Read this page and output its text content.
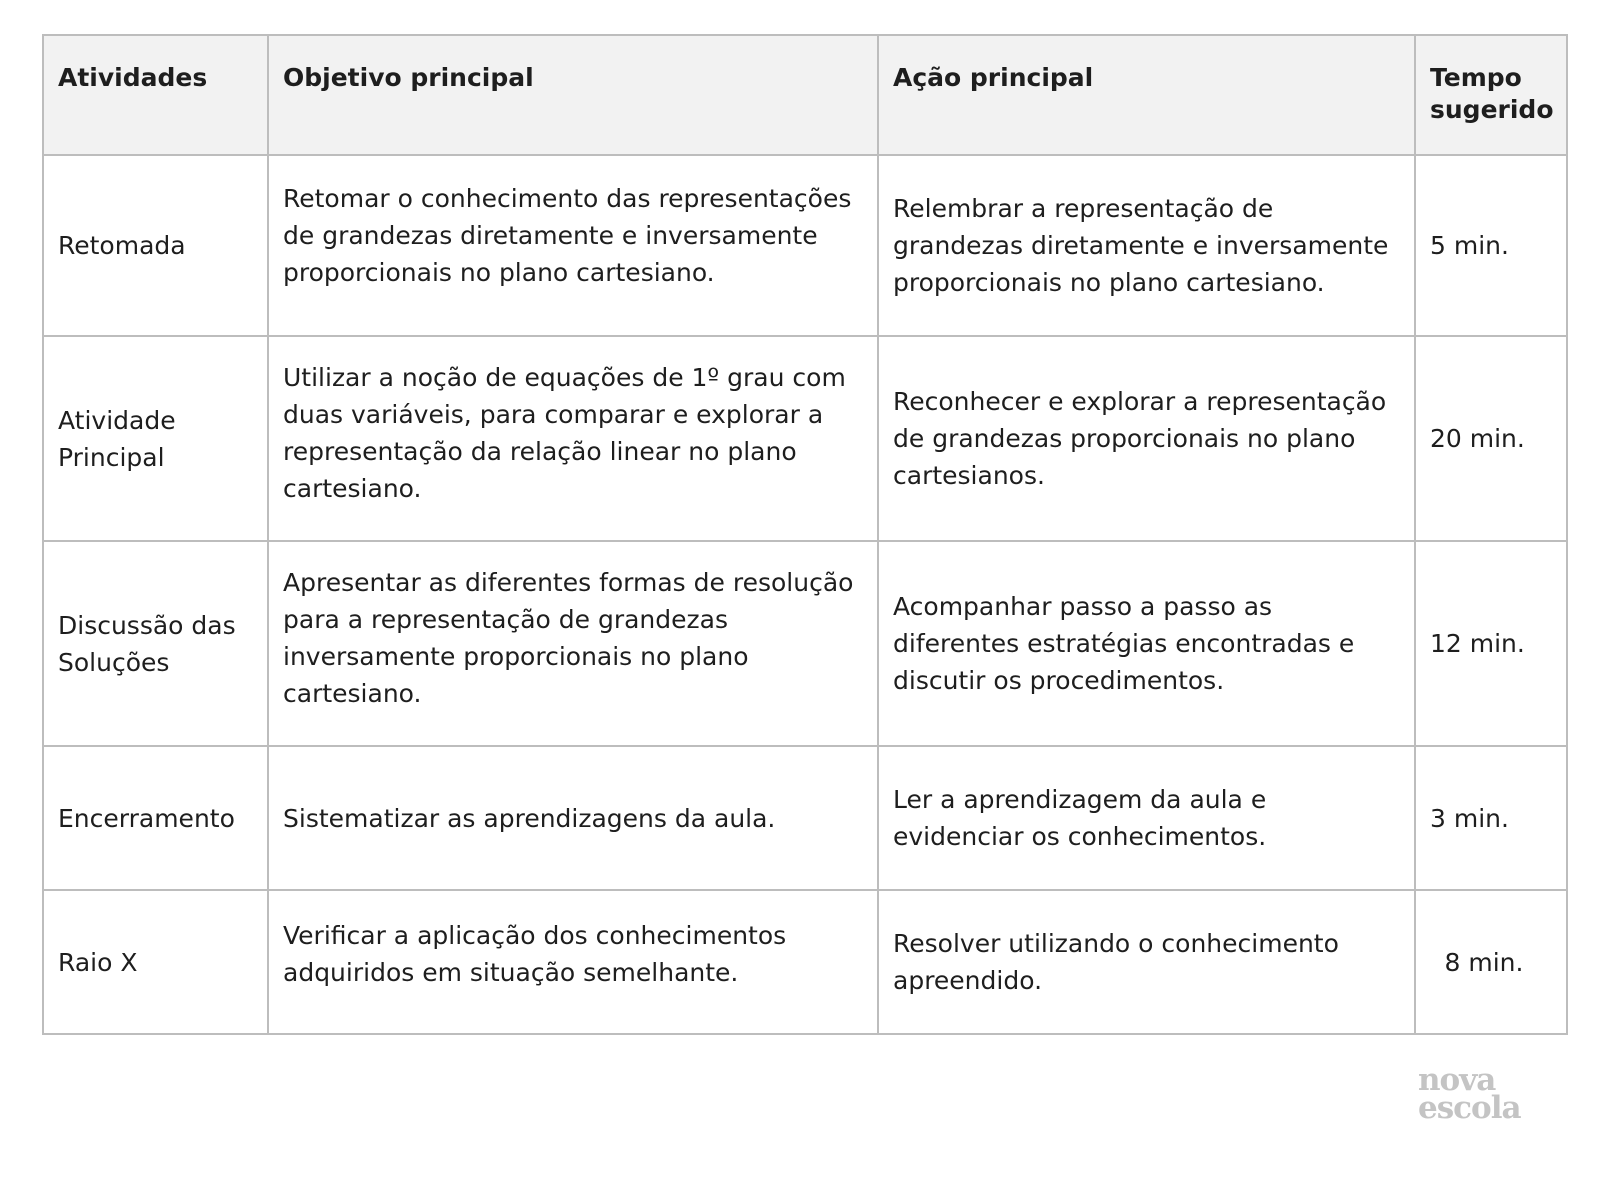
Atividades	Objetivo principal	Ação principal	Tempo sugerido
Retomada	Retomar o conhecimento das representações de grandezas diretamente e inversamente proporcionais no plano cartesiano.	Relembrar a representação de grandezas diretamente e inversamente proporcionais no plano cartesiano.	5 min.
Atividade Principal	Utilizar a noção de equações de 1º grau com duas variáveis, para comparar e explorar a representação da relação linear no plano cartesiano.	Reconhecer e explorar a representação de grandezas proporcionais no plano cartesianos.	20 min.
Discussão das Soluções	Apresentar as diferentes formas de resolução para a representação de grandezas inversamente proporcionais no plano cartesiano.	Acompanhar passo a passo as diferentes estratégias encontradas e discutir os procedimentos.	12 min.
Encerramento	Sistematizar as aprendizagens da aula.	Ler a aprendizagem da aula e evidenciar os conhecimentos.	3 min.
Raio X	Verificar a aplicação dos conhecimentos adquiridos em situação semelhante.	Resolver utilizando o conhecimento apreendido.	8 min.
nova
escola
